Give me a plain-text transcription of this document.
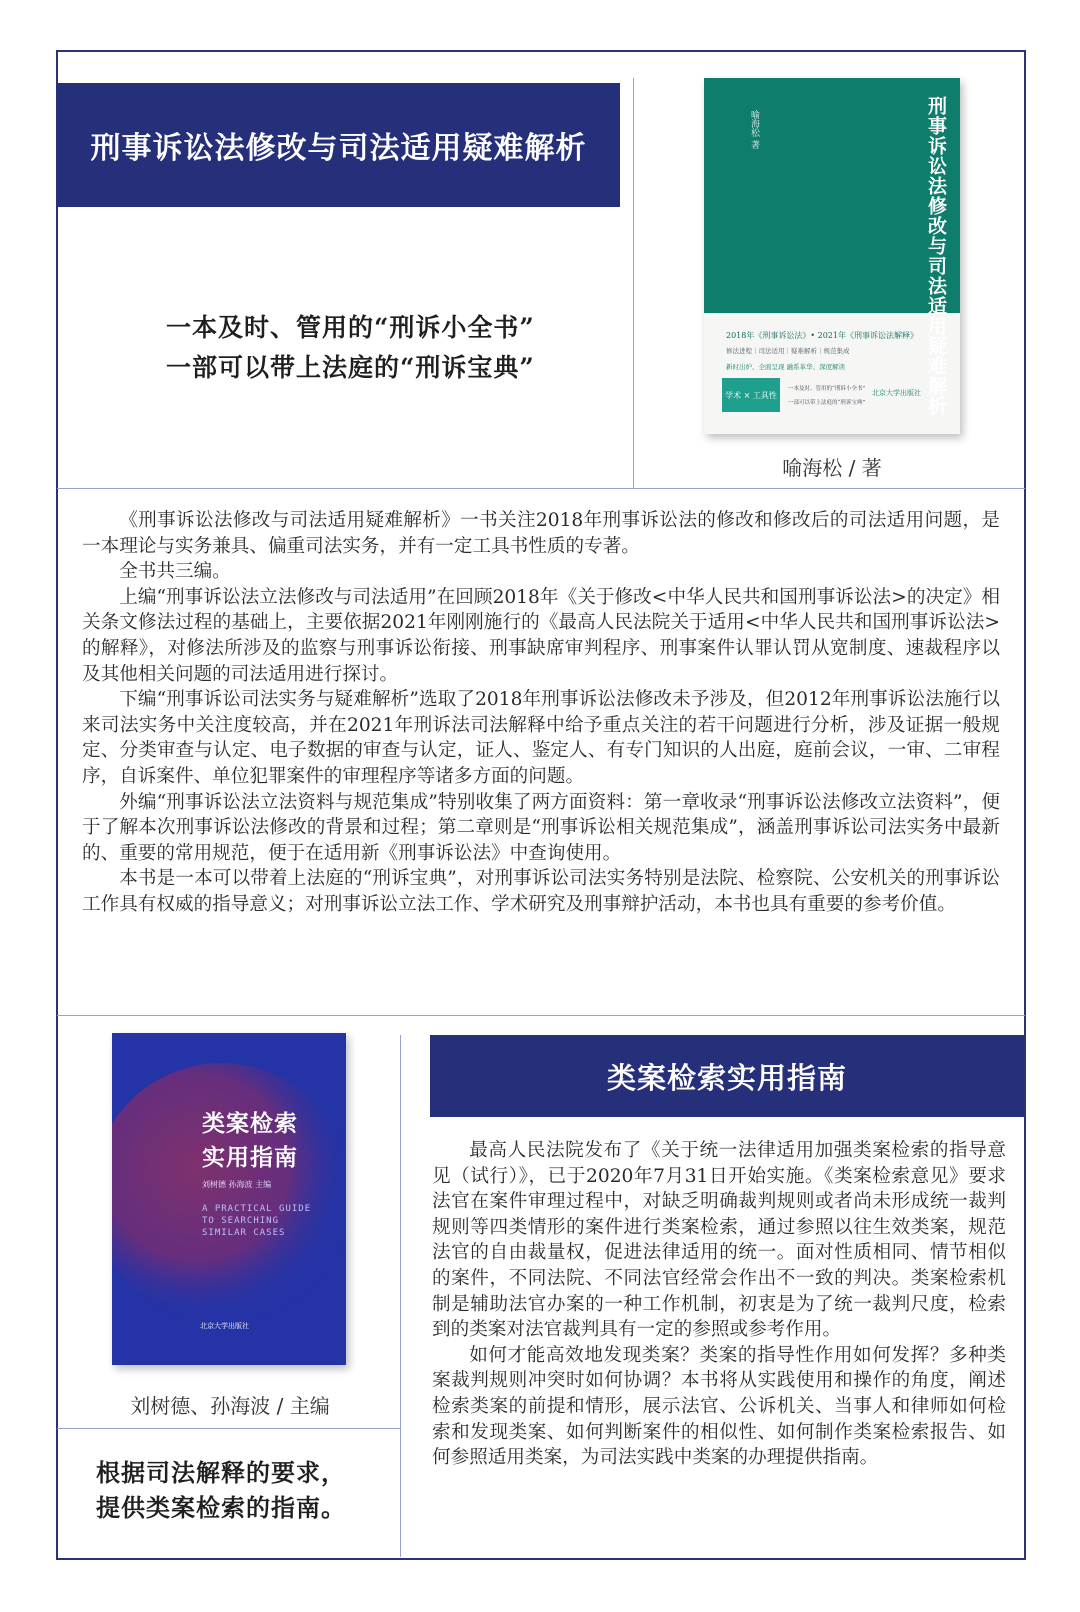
刑事诉讼法修改与司法适用疑难解析
一本及时、管用的“刑诉小全书”
一部可以带上法庭的“刑诉宝典”	刑事诉讼法修改与司法适用疑难解析
喻海松 著
2018年《刑事诉讼法》• 2021年《刑事诉讼法解释》
修法进程｜司法适用｜疑难解析｜规范集成
新时出炉、全面呈现 融系革华、深度解读
学术 × 工具性
一本及时、管用的“刑诉小全书”
一部可以带上法庭的“刑诉宝典”
北京大学出版社
喻海松 / 著

《刑事诉讼法修改与司法适用疑难解析》一书关注2018年刑事诉讼法的修改和修改后的司法适用问题，是一本理论与实务兼具、偏重司法实务，并有一定工具书性质的专著。

全书共三编。

上编“刑事诉讼法立法修改与司法适用”在回顾2018年《关于修改<中华人民共和国刑事诉讼法>的决定》相关条文修法过程的基础上，主要依据2021年刚刚施行的《最高人民法院关于适用<中华人民共和国刑事诉讼法>的解释》，对修法所涉及的监察与刑事诉讼衔接、刑事缺席审判程序、刑事案件认罪认罚从宽制度、速裁程序以及其他相关问题的司法适用进行探讨。

下编“刑事诉讼司法实务与疑难解析”选取了2018年刑事诉讼法修改未予涉及，但2012年刑事诉讼法施行以来司法实务中关注度较高，并在2021年刑诉法司法解释中给予重点关注的若干问题进行分析，涉及证据一般规定、分类审查与认定、电子数据的审查与认定，证人、鉴定人、有专门知识的人出庭，庭前会议，一审、二审程序，自诉案件、单位犯罪案件的审理程序等诸多方面的问题。

外编“刑事诉讼法立法资料与规范集成”特别收集了两方面资料：第一章收录“刑事诉讼法修改立法资料”，便于了解本次刑事诉讼法修改的背景和过程；第二章则是“刑事诉讼相关规范集成”，涵盖刑事诉讼司法实务中最新的、重要的常用规范，便于在适用新《刑事诉讼法》中查询使用。

本书是一本可以带着上法庭的“刑诉宝典”，对刑事诉讼司法实务特别是法院、检察院、公安机关的刑事诉讼工作具有权威的指导意义；对刑事诉讼立法工作、学术研究及刑事辩护活动，本书也具有重要的参考价值。

类案检索
实用指南
刘树德 孙海波 主编
A PRACTICAL GUIDE TO SEARCHING SIMILAR CASES
北京大学出版社
刘树德、孙海波 / 主编
根据司法解释的要求，
提供类案检索的指南。
类案检索实用指南

最高人民法院发布了《关于统一法律适用加强类案检索的指导意见（试行）》，已于2020年7月31日开始实施。《类案检索意见》要求法官在案件审理过程中，对缺乏明确裁判规则或者尚未形成统一裁判规则等四类情形的案件进行类案检索，通过参照以往生效类案，规范法官的自由裁量权，促进法律适用的统一。面对性质相同、情节相似的案件，不同法院、不同法官经常会作出不一致的判决。类案检索机制是辅助法官办案的一种工作机制，初衷是为了统一裁判尺度，检索到的类案对法官裁判具有一定的参照或参考作用。

如何才能高效地发现类案？类案的指导性作用如何发挥？多种类案裁判规则冲突时如何协调？本书将从实践使用和操作的角度，阐述检索类案的前提和情形，展示法官、公诉机关、当事人和律师如何检索和发现类案、如何判断案件的相似性、如何制作类案检索报告、如何参照适用类案，为司法实践中类案的办理提供指南。
